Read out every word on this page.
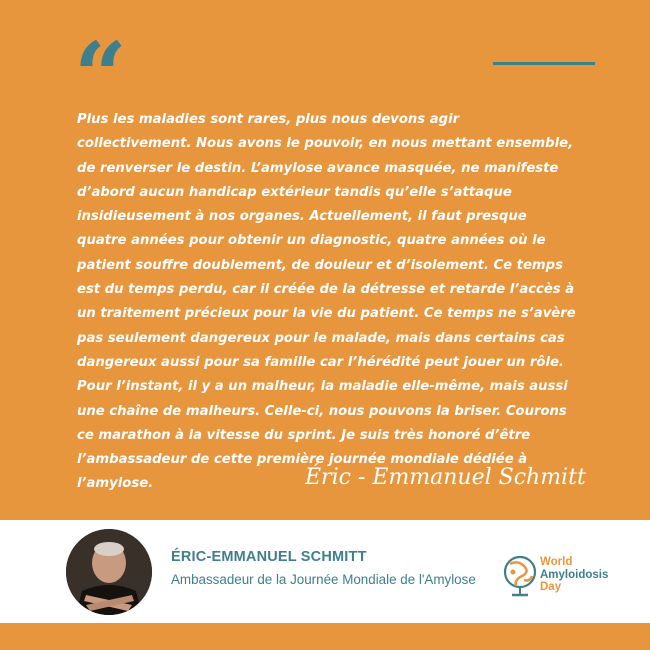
“

Plus les maladies sont rares, plus nous devons agir collectivement. Nous avons le pouvoir, en nous mettant ensemble, de renverser le destin. L’amylose avance masquée, ne manifeste d’abord aucun handicap extérieur tandis qu’elle s’attaque insidieusement à nos organes. Actuellement, il faut presque quatre années pour obtenir un diagnostic, quatre années où le patient souffre doublement, de douleur et d’isolement. Ce temps est du temps perdu, car il créée de la détresse et retarde l’accès à un traitement précieux pour la vie du patient. Ce temps ne s’avère pas seulement dangereux pour le malade, mais dans certains cas dangereux aussi pour sa famille car l’hérédité peut jouer un rôle. Pour l’instant, il y a un malheur, la maladie elle-même, mais aussi une chaîne de malheurs. Celle-ci, nous pouvons la briser. Courons ce marathon à la vitesse du sprint. Je suis très honoré d’être l’ambassadeur de cette première journée mondiale dédiée à l’amylose.	Éric - Emmanuel Schmitt
ÉRIC-EMMANUEL SCHMITT
Ambassadeur de la Journée Mondiale de l'Amylose
World
Amyloidosis
Day
